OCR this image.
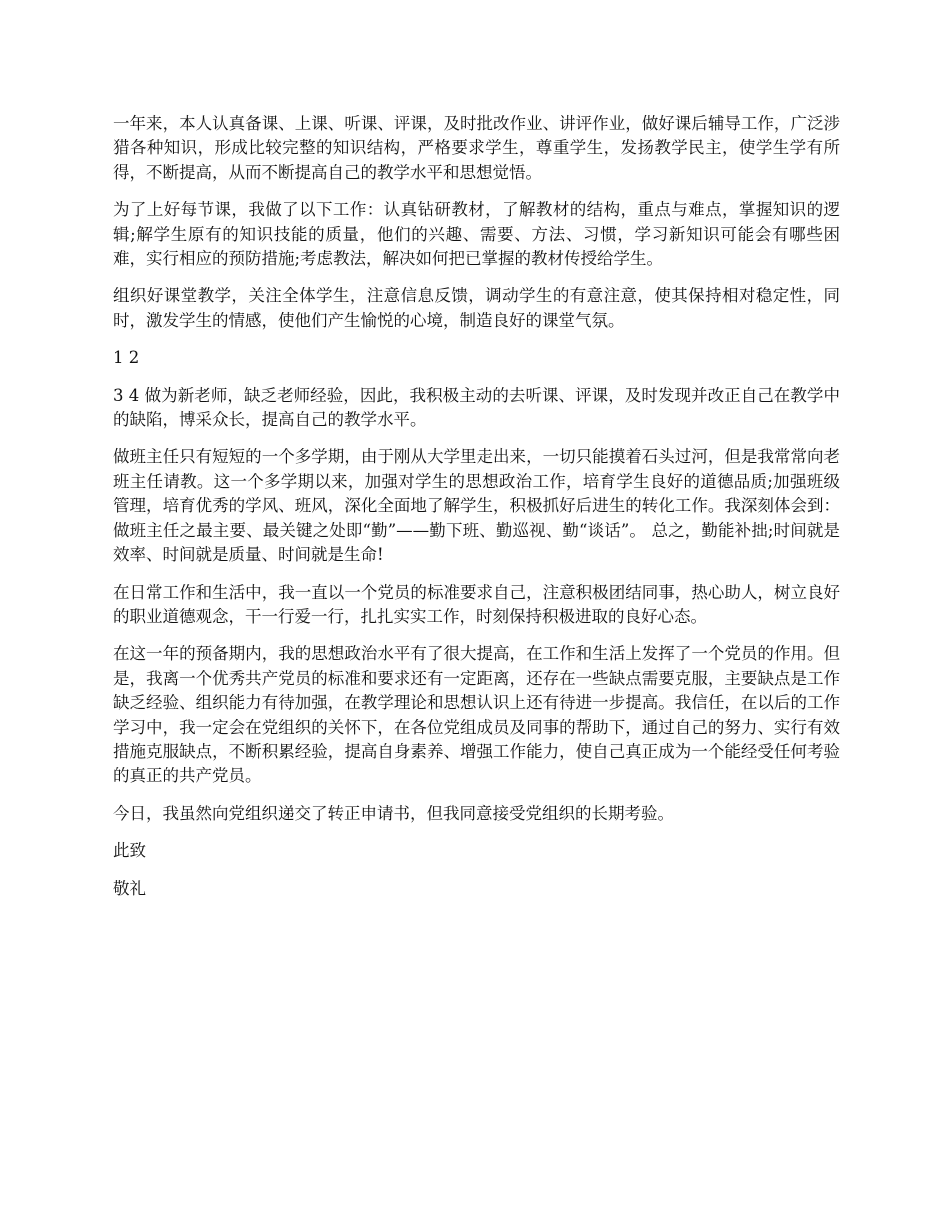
一年来，本人认真备课、上课、听课、评课，及时批改作业、讲评作业，做好课后辅导工作，广泛涉猎各种知识，形成比较完整的知识结构，严格要求学生，尊重学生，发扬教学民主，使学生学有所得，不断提高，从而不断提高自己的教学水平和思想觉悟。

为了上好每节课，我做了以下工作：认真钻研教材，了解教材的结构，重点与难点，掌握知识的逻辑;解学生原有的知识技能的质量，他们的兴趣、需要、方法、习惯，学习新知识可能会有哪些困难，实行相应的预防措施;考虑教法，解决如何把已掌握的教材传授给学生。

组织好课堂教学，关注全体学生，注意信息反馈，调动学生的有意注意，使其保持相对稳定性，同时，激发学生的情感，使他们产生愉悦的心境，制造良好的课堂气氛。

1 2

3 4 做为新老师，缺乏老师经验，因此，我积极主动的去听课、评课，及时发现并改正自己在教学中的缺陷，博采众长，提高自己的教学水平。

做班主任只有短短的一个多学期，由于刚从大学里走出来，一切只能摸着石头过河，但是我常常向老班主任请教。这一个多学期以来，加强对学生的思想政治工作，培育学生良好的道德品质;加强班级管理，培育优秀的学风、班风，深化全面地了解学生，积极抓好后进生的转化工作。我深刻体会到：做班主任之最主要、最关键之处即“勤”——勤下班、勤巡视、勤“谈话”。 总之，勤能补拙;时间就是效率、时间就是质量、时间就是生命!

在日常工作和生活中，我一直以一个党员的标准要求自己，注意积极团结同事，热心助人，树立良好的职业道德观念，干一行爱一行，扎扎实实工作，时刻保持积极进取的良好心态。

在这一年的预备期内，我的思想政治水平有了很大提高，在工作和生活上发挥了一个党员的作用。但是，我离一个优秀共产党员的标准和要求还有一定距离，还存在一些缺点需要克服，主要缺点是工作缺乏经验、组织能力有待加强，在教学理论和思想认识上还有待进一步提高。我信任，在以后的工作学习中，我一定会在党组织的关怀下，在各位党组成员及同事的帮助下，通过自己的努力、实行有效措施克服缺点，不断积累经验，提高自身素养、增强工作能力，使自己真正成为一个能经受任何考验的真正的共产党员。

今日，我虽然向党组织递交了转正申请书，但我同意接受党组织的长期考验。

此致

敬礼
